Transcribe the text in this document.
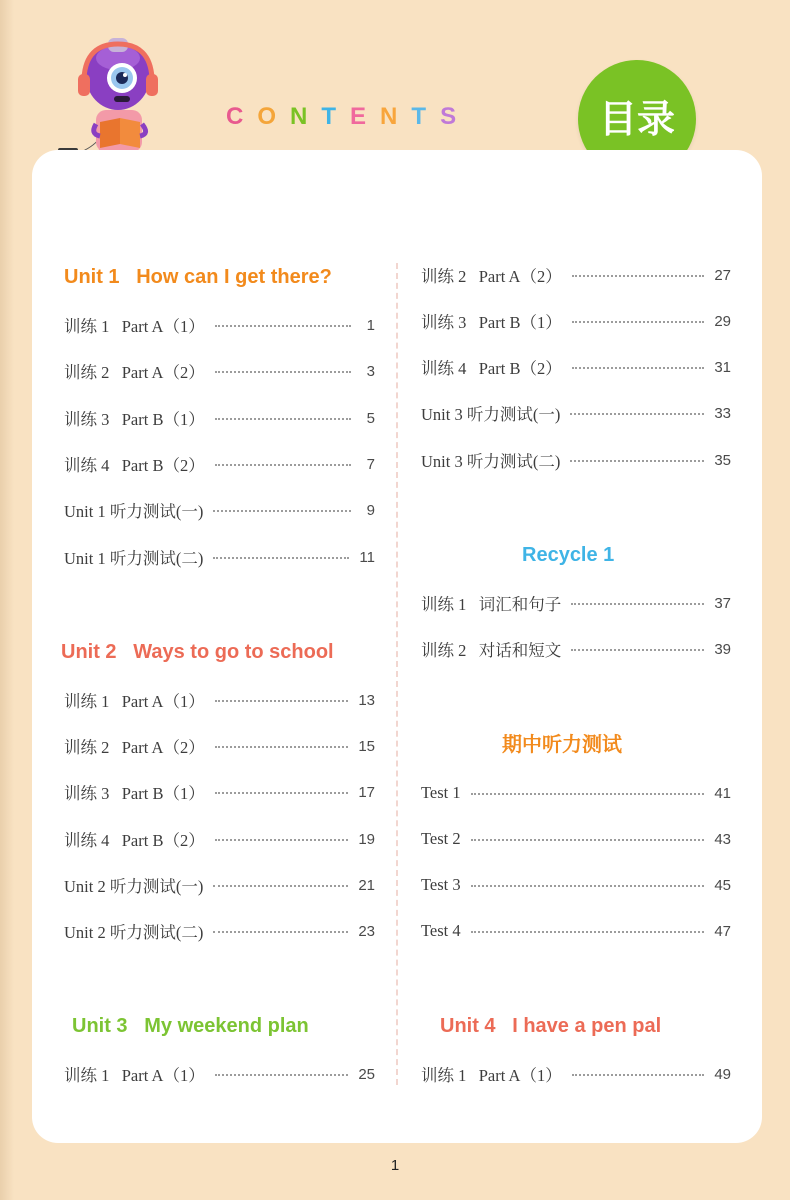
CONTENTS	目录
Unit 1   How can I get there?
训练 1   Part A（1）	1
训练 2   Part A（2）	3
训练 3   Part B（1）	5
训练 4   Part B（2）	7
Unit 1 听力测试(一)	9
Unit 1 听力测试(二)	11
Unit 2   Ways to go to school
训练 1   Part A（1）	13
训练 2   Part A（2）	15
训练 3   Part B（1）	17
训练 4   Part B（2）	19
Unit 2 听力测试(一)	21
Unit 2 听力测试(二)	23
Unit 3   My weekend plan
训练 1   Part A（1）	25
训练 2   Part A（2）	27
训练 3   Part B（1）	29
训练 4   Part B（2）	31
Unit 3 听力测试(一)	33
Unit 3 听力测试(二)	35
Recycle 1
训练 1   词汇和句子	37
训练 2   对话和短文	39
期中听力测试
Test 1	41
Test 2	43
Test 3	45
Test 4	47
Unit 4   I have a pen pal
训练 1   Part A（1）	49
1
